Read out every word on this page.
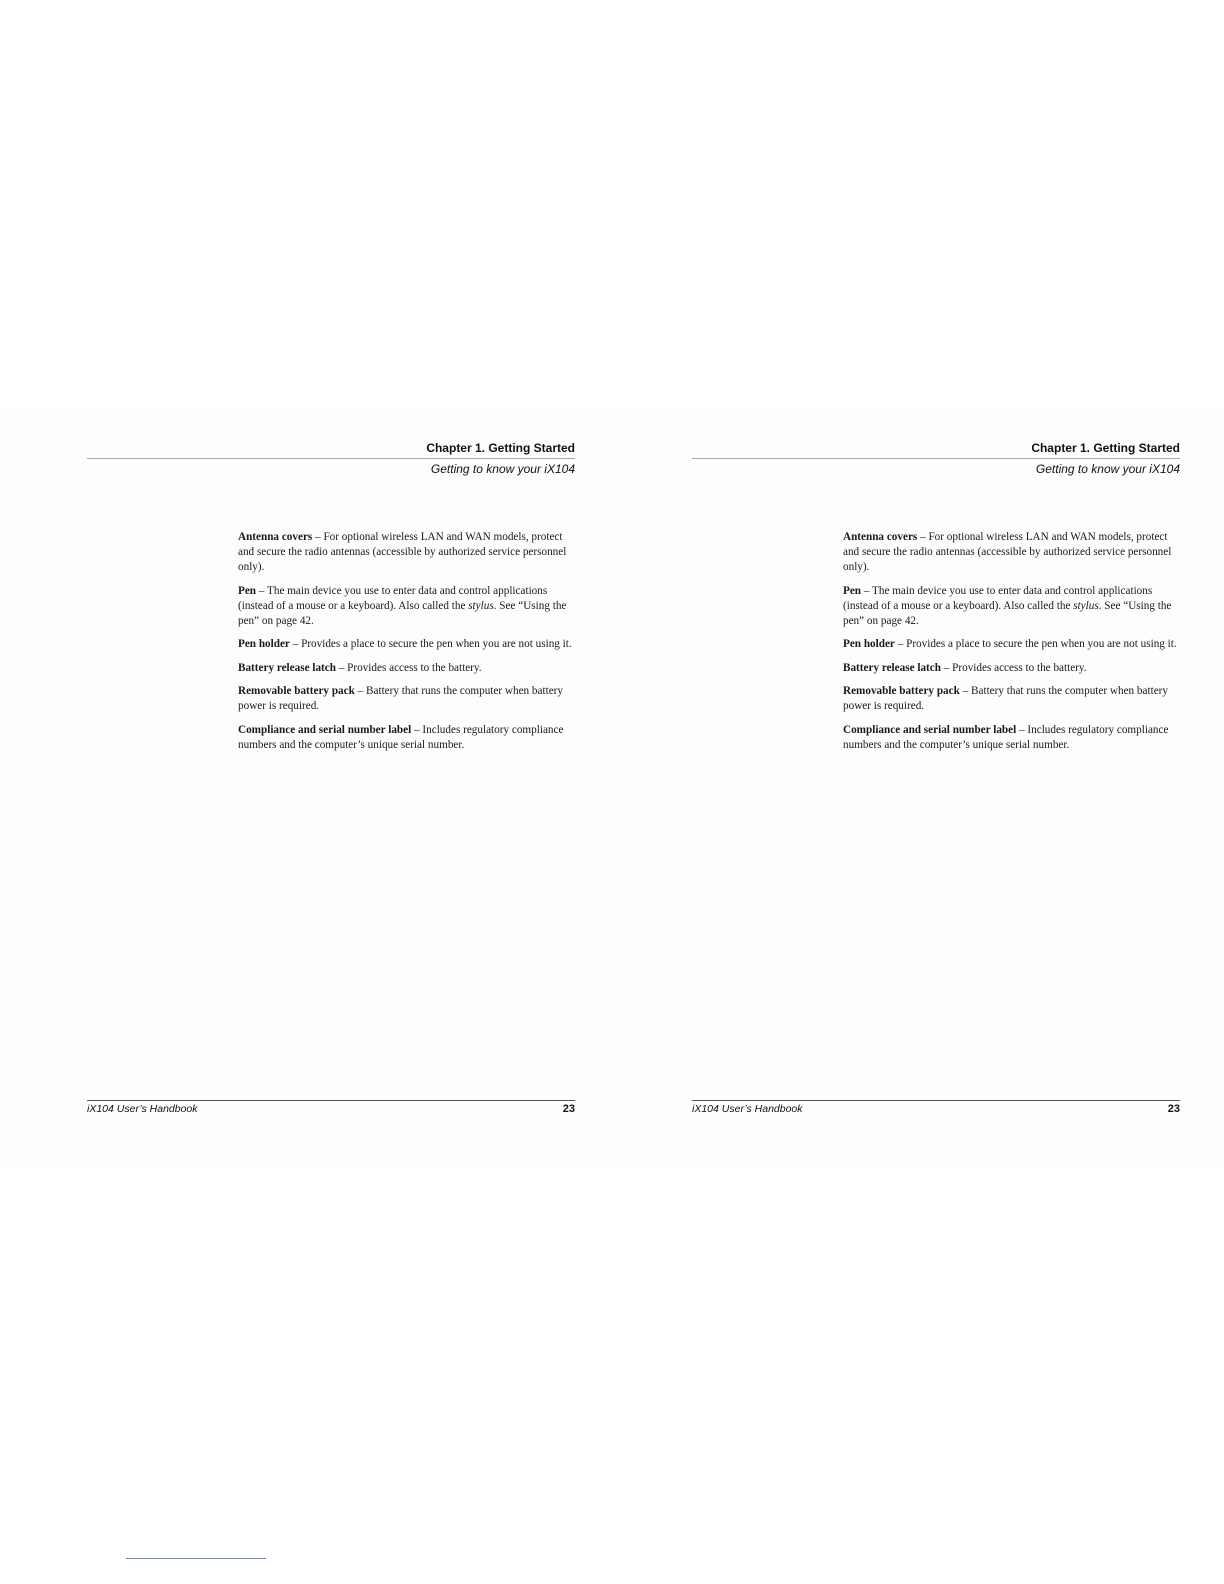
Chapter 1. Getting Started
Getting to know your iX104

Antenna covers – For optional wireless LAN and WAN models, protect and secure the radio antennas (accessible by authorized service personnel only).

Pen – The main device you use to enter data and control applications (instead of a mouse or a keyboard). Also called the stylus. See “Using the pen” on page 42.

Pen holder – Provides a place to secure the pen when you are not using it.

Battery release latch – Provides access to the battery.

Removable battery pack – Battery that runs the computer when battery power is required.

Compliance and serial number label – Includes regulatory compliance numbers and the computer’s unique serial number.

iX104 User’s Handbook	23
Chapter 1. Getting Started
Getting to know your iX104

Antenna covers – For optional wireless LAN and WAN models, protect and secure the radio antennas (accessible by authorized service personnel only).

Pen – The main device you use to enter data and control applications (instead of a mouse or a keyboard). Also called the stylus. See “Using the pen” on page 42.

Pen holder – Provides a place to secure the pen when you are not using it.

Battery release latch – Provides access to the battery.

Removable battery pack – Battery that runs the computer when battery power is required.

Compliance and serial number label – Includes regulatory compliance numbers and the computer’s unique serial number.

iX104 User’s Handbook	23
